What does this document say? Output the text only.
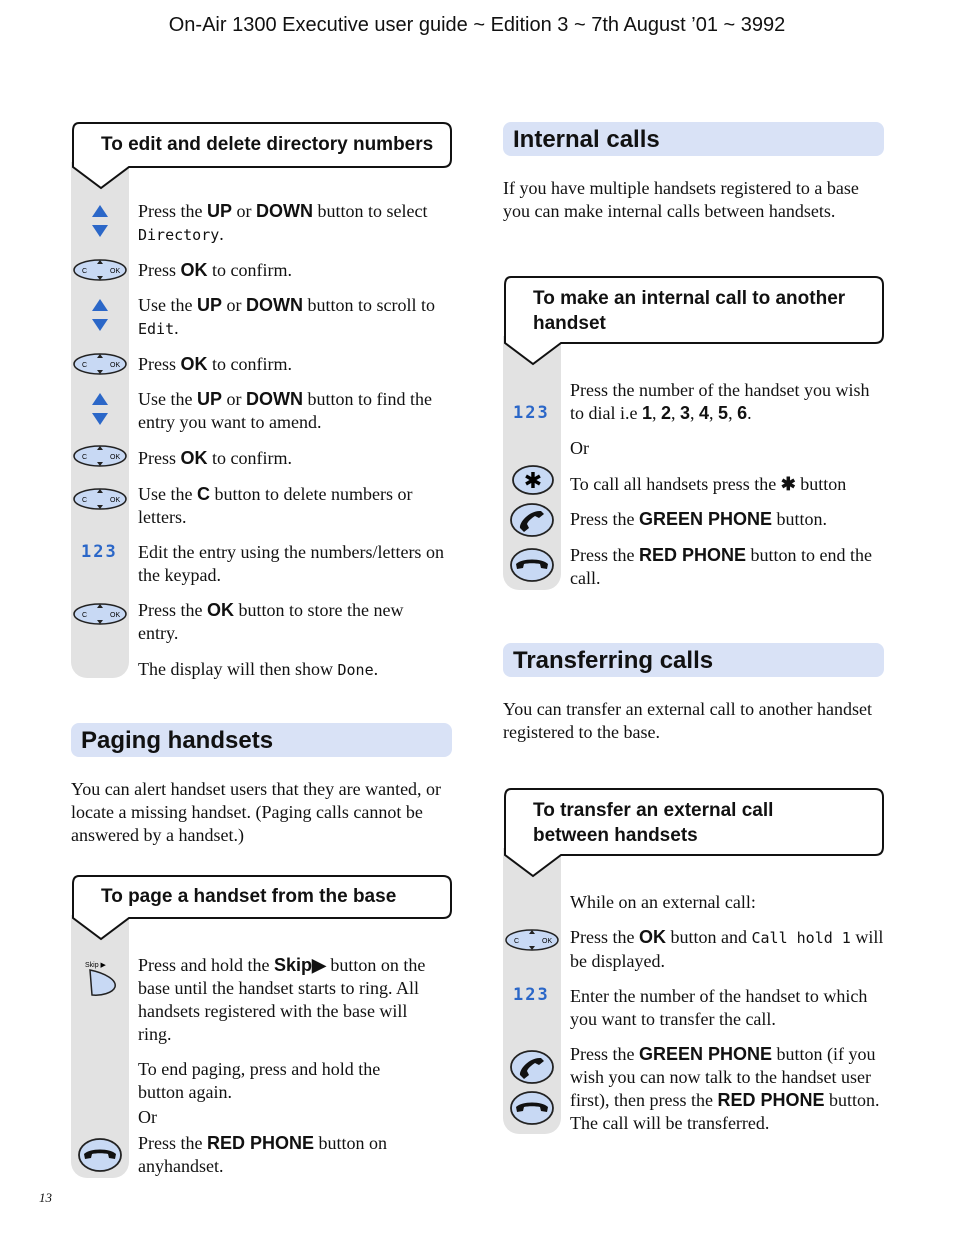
On-Air 1300 Executive user guide ~ Edition 3 ~ 7th August ’01 ~ 3992
To edit and delete directory numbers
Press the UP or DOWN button to select Directory.
C	OK Press OK to confirm.
Use the UP or DOWN button to scroll to Edit.
C	OK Press OK to confirm.
Use the UP or DOWN button to find the entry you want to amend.
C	OK Press OK to confirm.
C	OK Use the C button to delete numbers or letters.
123 Edit the entry using the numbers/letters on the keypad.
C	OK Press the OK button to store the new entry.
The display will then show Done.
Paging handsets
You can alert handset users that they are wanted, or locate a missing handset. (Paging calls cannot be answered by a handset.)
To page a handset from the base
Skip ▶ Press and hold the Skip▶ button on the base until the handset starts to ring. All handsets registered with the base will ring.
To end paging, press and hold the button again.
Or
Press the RED PHONE button on anyhandset.
Internal calls
If you have multiple handsets registered to a base you can make internal calls between handsets.
To make an internal call to another
handset
123
Press the number of the handset you wish to dial i.e 1, 2, 3, 4, 5, 6.
Or
✱ To call all handsets press the ✱ button
Press the GREEN PHONE button.
Press the RED PHONE button to end the call.
Transferring calls
You can transfer an external call to another handset registered to the base.
To transfer an external call
between handsets
While on an external call:
C	OK Press the OK button and Call hold 1 will be displayed.
123 Enter the number of the handset to which you want to transfer the call.
Press the GREEN PHONE button (if you wish you can now talk to the handset user first), then press the RED PHONE button. The call will be transferred.
13
